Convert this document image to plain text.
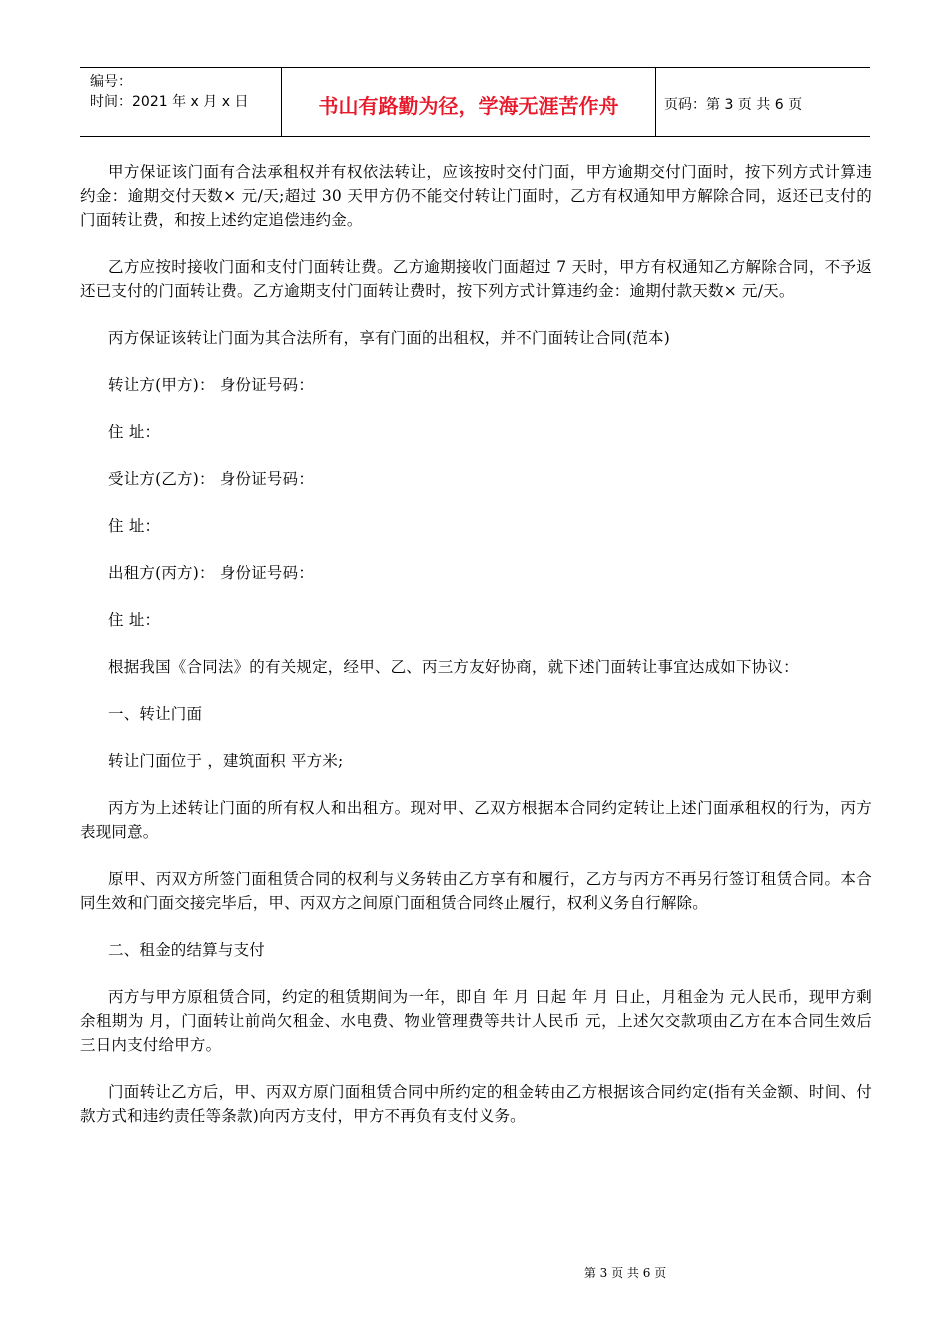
编号：
时间：2021 年 x 月 x 日	书山有路勤为径，学海无涯苦作舟	页码：第 3 页 共 6 页

甲方保证该门面有合法承租权并有权依法转让，应该按时交付门面，甲方逾期交付门面时，按下列方式计算违约金：逾期交付天数× 元/天;超过 30 天甲方仍不能交付转让门面时，乙方有权通知甲方解除合同，返还已支付的门面转让费，和按上述约定追偿违约金。

乙方应按时接收门面和支付门面转让费。乙方逾期接收门面超过 7 天时，甲方有权通知乙方解除合同，不予返还已支付的门面转让费。乙方逾期支付门面转让费时，按下列方式计算违约金：逾期付款天数× 元/天。

丙方保证该转让门面为其合法所有，享有门面的出租权，并不门面转让合同(范本)

转让方(甲方)： 身份证号码：

住 址：

受让方(乙方)： 身份证号码：

住 址：

出租方(丙方)： 身份证号码：

住 址：

根据我国《合同法》的有关规定，经甲、乙、丙三方友好协商，就下述门面转让事宜达成如下协议：

一、转让门面

转让门面位于 ，建筑面积 平方米;

丙方为上述转让门面的所有权人和出租方。现对甲、乙双方根据本合同约定转让上述门面承租权的行为，丙方表现同意。

原甲、丙双方所签门面租赁合同的权利与义务转由乙方享有和履行，乙方与丙方不再另行签订租赁合同。本合同生效和门面交接完毕后，甲、丙双方之间原门面租赁合同终止履行，权利义务自行解除。

二、租金的结算与支付

丙方与甲方原租赁合同，约定的租赁期间为一年，即自 年 月 日起 年 月 日止，月租金为 元人民币，现甲方剩余租期为 月，门面转让前尚欠租金、水电费、物业管理费等共计人民币 元，上述欠交款项由乙方在本合同生效后三日内支付给甲方。

门面转让乙方后，甲、丙双方原门面租赁合同中所约定的租金转由乙方根据该合同约定(指有关金额、时间、付款方式和违约责任等条款)向丙方支付，甲方不再负有支付义务。

第 3 页 共 6 页
